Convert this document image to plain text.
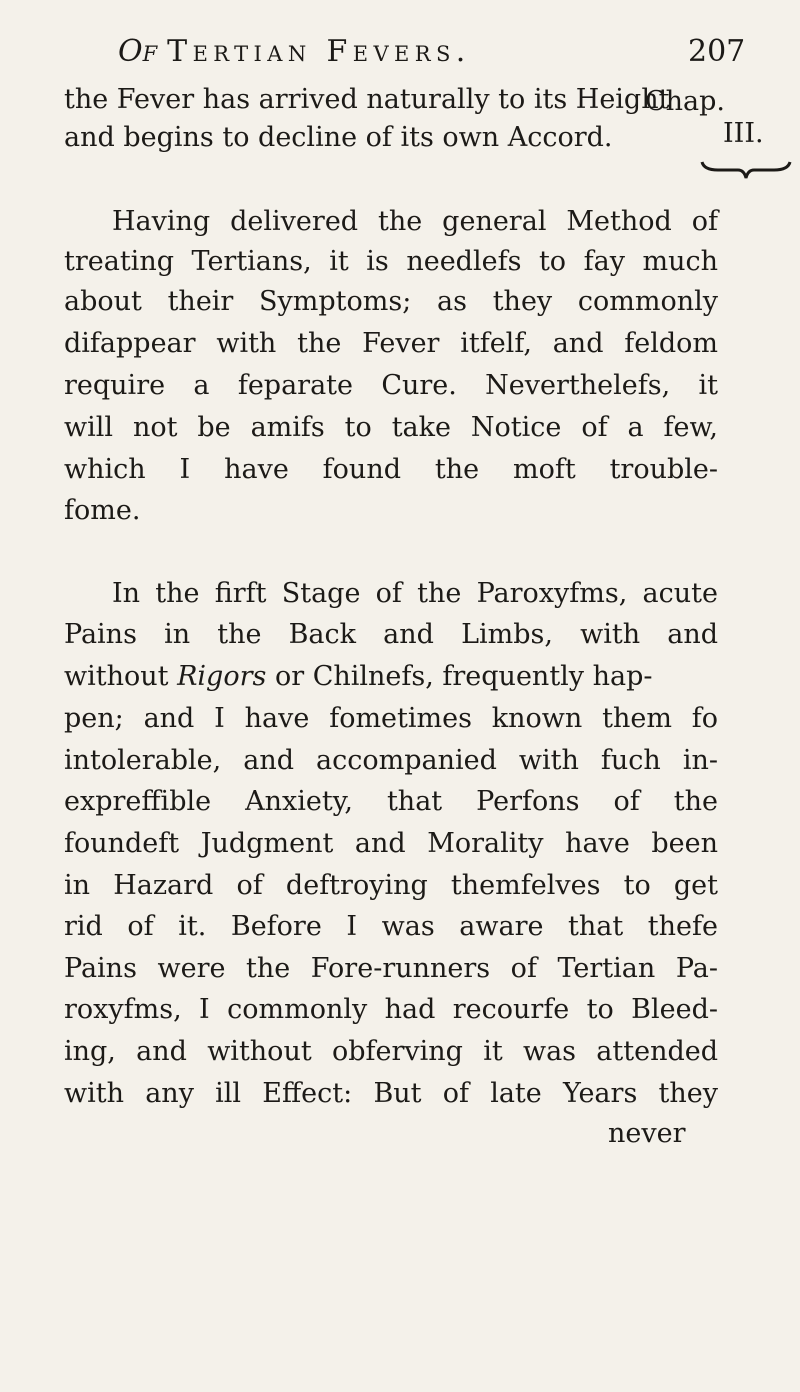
Of Tertian Fevers.	207
the Fever has arrived naturally to its Height
Chap.
and begins to decline of its own Accord.	III.
Having delivered the general Method of
treating Tertians, it is needlefs to fay much
about their Symptoms; as they commonly
difappear with the Fever itfelf, and feldom
require a feparate Cure. Neverthelefs, it
will not be amifs to take Notice of a few,
which I have found the moft trouble-
fome.
In the firft Stage of the Paroxyfms, acute
Pains in the Back and Limbs, with and
without Rigors or Chilnefs, frequently hap-
pen; and I have fometimes known them fo
intolerable, and accompanied with fuch in-
expreffible Anxiety, that Perfons of the
foundeft Judgment and Morality have been
in Hazard of deftroying themfelves to get
rid of it. Before I was aware that thefe
Pains were the Fore-runners of Tertian Pa-
roxyfms, I commonly had recourfe to Bleed-
ing, and without obferving it was attended
with any ill Effect: But of late Years they
never
